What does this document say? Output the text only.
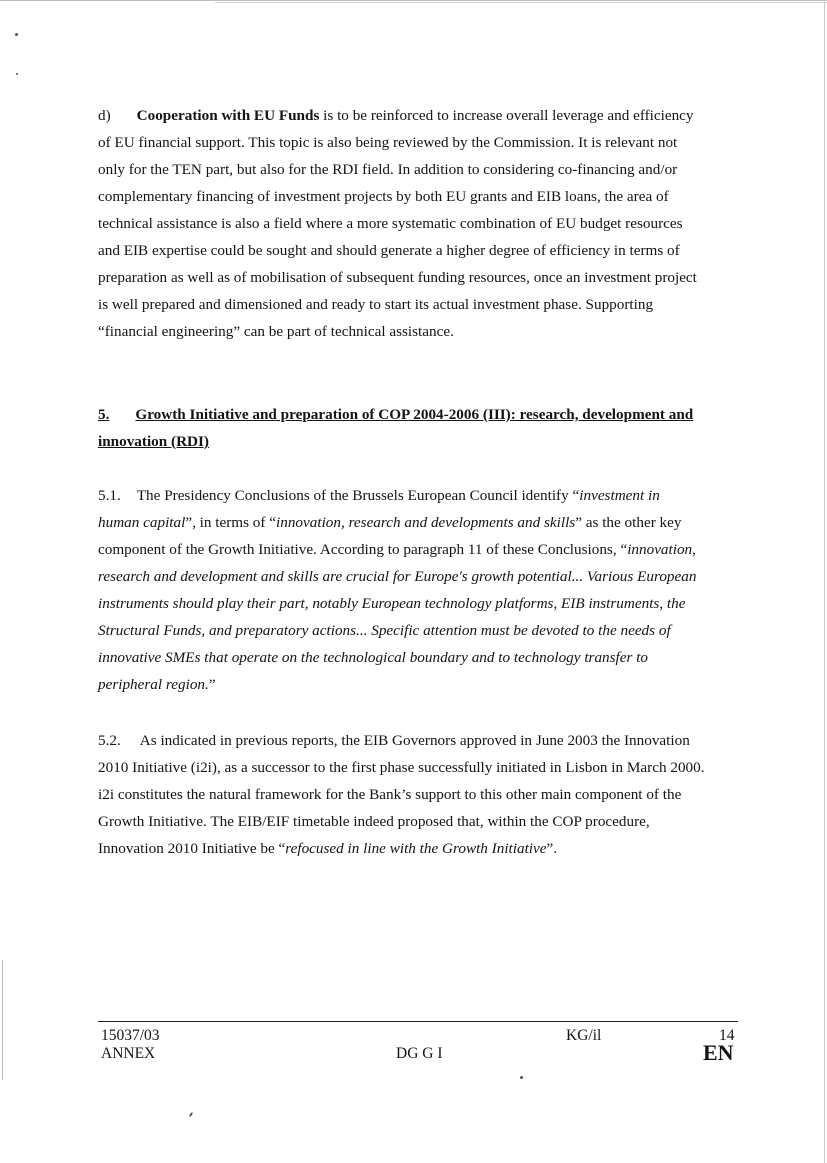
d) Cooperation with EU Funds is to be reinforced to increase overall leverage and efficiency
of EU financial support. This topic is also being reviewed by the Commission. It is relevant not
only for the TEN part, but also for the RDI field. In addition to considering co-financing and/or
complementary financing of investment projects by both EU grants and EIB loans, the area of
technical assistance is also a field where a more systematic combination of EU budget resources
and EIB expertise could be sought and should generate a higher degree of efficiency in terms of
preparation as well as of mobilisation of subsequent funding resources, once an investment project
is well prepared and dimensioned and ready to start its actual investment phase. Supporting
“financial engineering” can be part of technical assistance.
5. Growth Initiative and preparation of COP 2004-2006 (III): research, development and
innovation (RDI)
5.1. The Presidency Conclusions of the Brussels European Council identify “investment in
human capital”, in terms of “innovation, research and developments and skills” as the other key
component of the Growth Initiative. According to paragraph 11 of these Conclusions, “innovation,
research and development and skills are crucial for Europe's growth potential... Various European
instruments should play their part, notably European technology platforms, EIB instruments, the
Structural Funds, and preparatory actions... Specific attention must be devoted to the needs of
innovative SMEs that operate on the technological boundary and to technology transfer to
peripheral region.”
5.2. As indicated in previous reports, the EIB Governors approved in June 2003 the Innovation
2010 Initiative (i2i), as a successor to the first phase successfully initiated in Lisbon in March 2000.
i2i constitutes the natural framework for the Bank’s support to this other main component of the
Growth Initiative. The EIB/EIF timetable indeed proposed that, within the COP procedure,
Innovation 2010 Initiative be “refocused in line with the Growth Initiative”.
15037/03
ANNEX	DG G I
KG/il	14
EN
